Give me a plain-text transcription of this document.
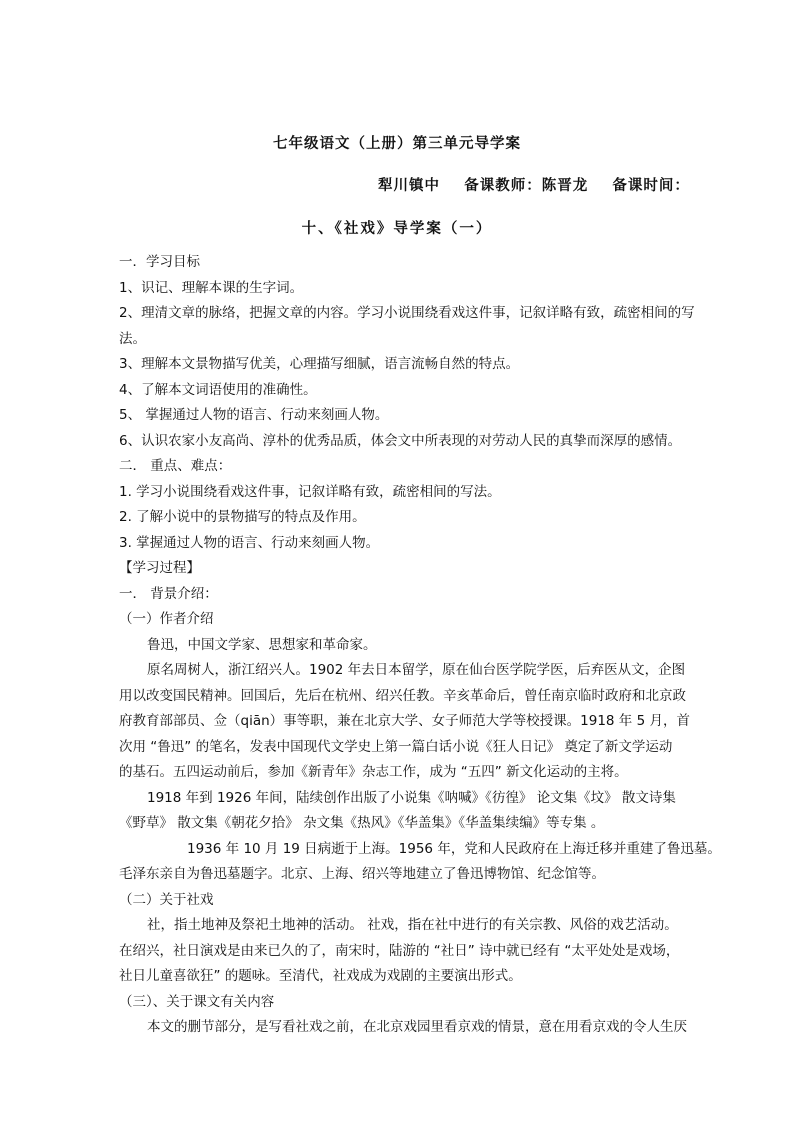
七年级语文（上册）第三单元导学案
犁川镇中    备课教师：陈晋龙    备课时间：
十、《社戏》导学案（一）
一．学习目标
1、识记、理解本课的生字词。
2、理清文章的脉络，把握文章的内容。学习小说围绕看戏这件事，记叙详略有致，疏密相间的写
法。
3、理解本文景物描写优美，心理描写细腻，语言流畅自然的特点。
4、了解本文词语使用的准确性。
5、 掌握通过人物的语言、行动来刻画人物。
6、认识农家小友高尚、淳朴的优秀品质，体会文中所表现的对劳动人民的真挚而深厚的感情。
二． 重点、难点：
1. 学习小说围绕看戏这件事，记叙详略有致，疏密相间的写法。
2. 了解小说中的景物描写的特点及作用。
3. 掌握通过人物的语言、行动来刻画人物。
【学习过程】
一． 背景介绍：
（一）作者介绍
鲁迅，中国文学家、思想家和革命家。
原名周树人，浙江绍兴人。1902 年去日本留学，原在仙台医学院学医，后弃医从文，企图
用以改变国民精神。回国后，先后在杭州、绍兴任教。辛亥革命后，曾任南京临时政府和北京政
府教育部部员、佥（qiān）事等职，兼在北京大学、女子师范大学等校授课。1918 年 5 月，首
次用 “鲁迅” 的笔名，发表中国现代文学史上第一篇白话小说《狂人日记》 奠定了新文学运动
的基石。五四运动前后，参加《新青年》杂志工作，成为 “五四” 新文化运动的主将。
1918 年到 1926 年间，陆续创作出版了小说集《呐喊》《彷徨》 论文集《坟》 散文诗集
《野草》 散文集《朝花夕拾》 杂文集《热风》《华盖集》《华盖集续编》等专集 。
1936 年 10 月 19 日病逝于上海。1956 年，党和人民政府在上海迁移并重建了鲁迅墓。
毛泽东亲自为鲁迅墓题字。北京、上海、绍兴等地建立了鲁迅博物馆、纪念馆等。
（二）关于社戏
社，指土地神及祭祀土地神的活动。 社戏，指在社中进行的有关宗教、风俗的戏艺活动。
在绍兴，社日演戏是由来已久的了，南宋时，陆游的 “社日” 诗中就已经有 “太平处处是戏场，
社日儿童喜欲狂” 的题咏。至清代，社戏成为戏剧的主要演出形式。
（三）、关于课文有关内容
本文的删节部分，是写看社戏之前，在北京戏园里看京戏的情景，意在用看京戏的令人生厌
